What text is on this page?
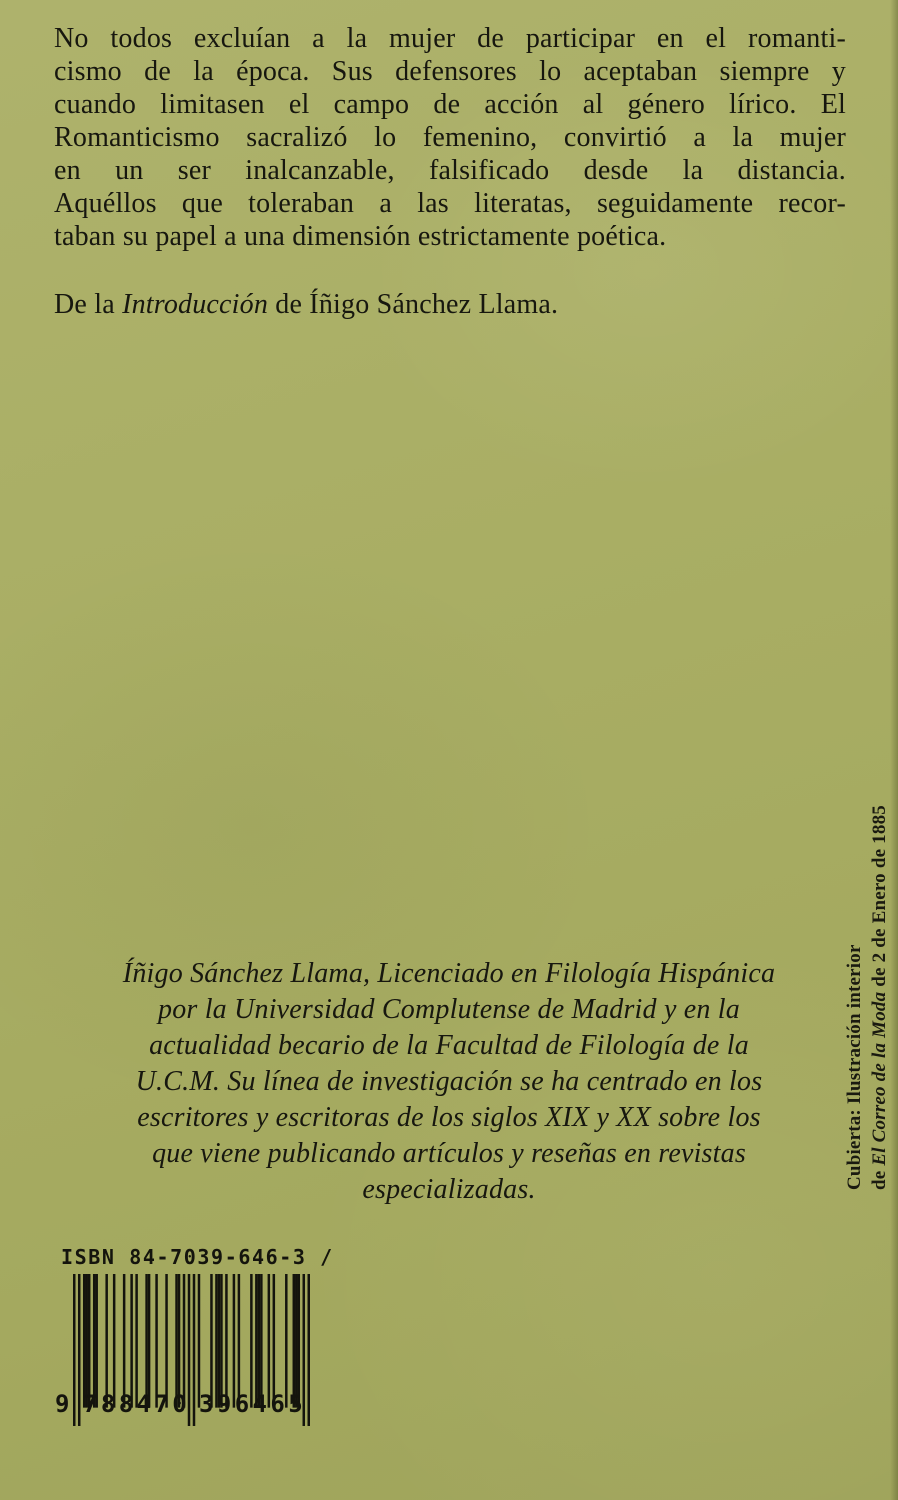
No todos excluían a la mujer de participar en el romanti-
cismo de la época. Sus defensores lo aceptaban siempre y
cuando limitasen el campo de acción al género lírico. El
Romanticismo sacralizó lo femenino, convirtió a la mujer
en un ser inalcanzable, falsificado desde la distancia.
Aquéllos que toleraban a las literatas, seguidamente recor-
taban su papel a una dimensión estrictamente poética.

De la Introducción de Íñigo Sánchez Llama.

Íñigo Sánchez Llama, Licenciado en Filología Hispánica
por la Universidad Complutense de Madrid y en la
actualidad becario de la Facultad de Filología de la
U.C.M. Su línea de investigación se ha centrado en los
escritores y escritoras de los siglos XIX y XX sobre los
que viene publicando artículos y reseñas en revistas
especializadas.
ISBN 84-7039-646-3 /
9 788470 396465
Cubierta: Ilustración interior de El Correo de la Moda de 2 de Enero de 1885
